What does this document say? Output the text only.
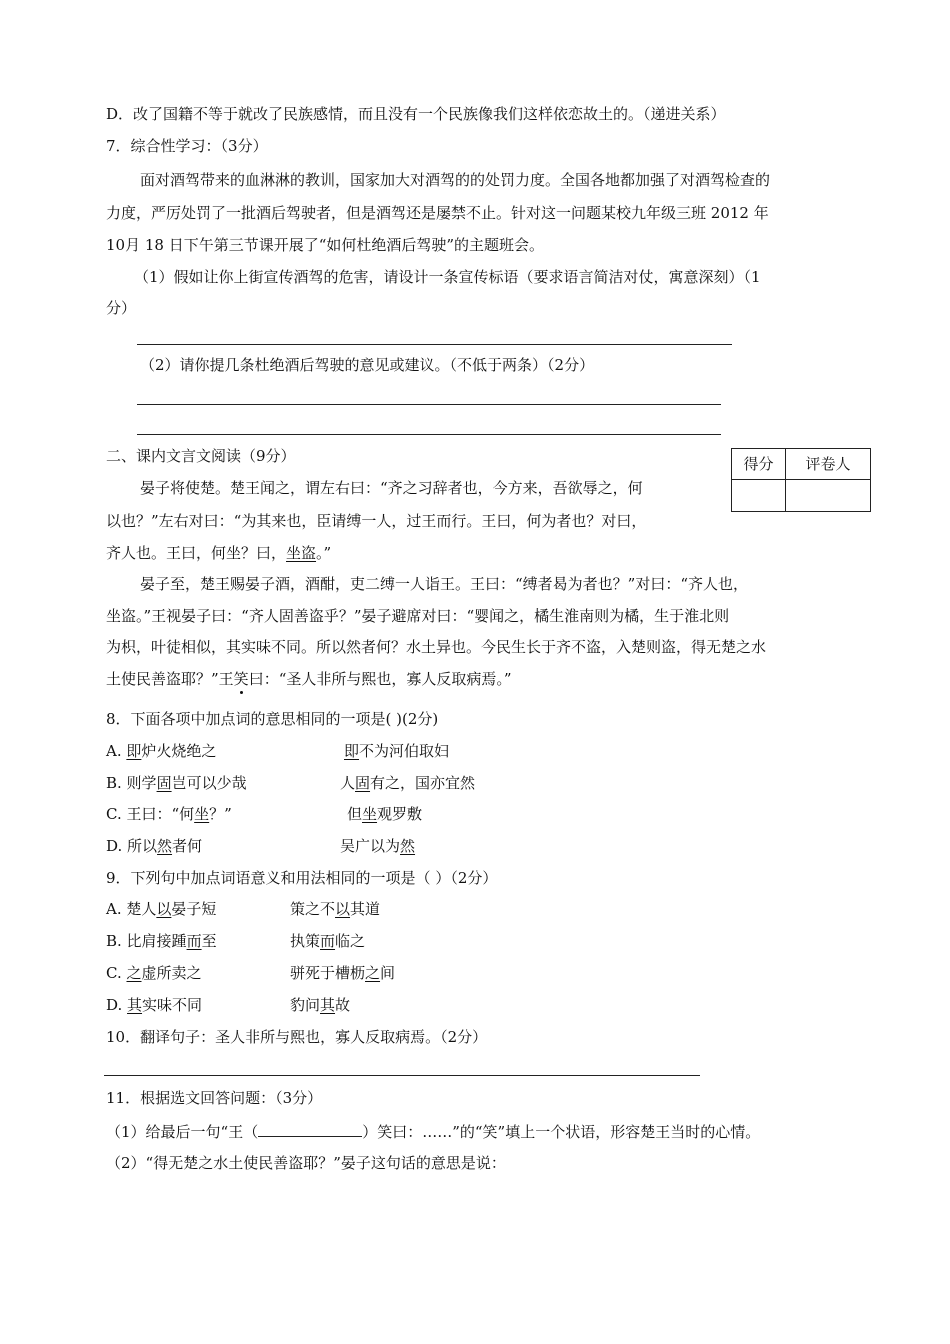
D．改了国籍不等于就改了民族感情，而且没有一个民族像我们这样依恋故土的。（递进关系）
7．综合性学习：（3分）
面对酒驾带来的血淋淋的教训，国家加大对酒驾的的处罚力度。全国各地都加强了对酒驾检查的
力度，严厉处罚了一批酒后驾驶者，但是酒驾还是屡禁不止。针对这一问题某校九年级三班 2012 年
10月 18 日下午第三节课开展了“如何杜绝酒后驾驶”的主题班会。
（1）假如让你上街宣传酒驾的危害，请设计一条宣传标语（要求语言简洁对仗，寓意深刻）（1
分）
（2）请你提几条杜绝酒后驾驶的意见或建议。（不低于两条）（2分）
二、课内文言文阅读（9分）	得分	评卷人
晏子将使楚。楚王闻之，谓左右曰：“齐之习辞者也，今方来，吾欲辱之，何
以也？”左右对曰：“为其来也，臣请缚一人，过王而行。王曰，何为者也？对曰，
齐人也。王曰，何坐？曰，坐盗。”
晏子至，楚王赐晏子酒，酒酣，吏二缚一人诣王。王曰：“缚者曷为者也？”对曰：“齐人也，
坐盗。”王视晏子曰：“齐人固善盗乎？”晏子避席对曰：“婴闻之，橘生淮南则为橘，生于淮北则
为枳，叶徒相似，其实味不同。所以然者何？水土异也。今民生长于齐不盗，入楚则盗，得无楚之水
土使民善盗耶？”王笑曰：“圣人非所与熙也，寡人反取病焉。”
8．下面各项中加点词的意思相同的一项是( )(2分)
A. 即炉火烧绝之	即不为河伯取妇
B. 则学固岂可以少哉	人固有之，国亦宜然
C. 王曰：“何坐？”	但坐观罗敷
D. 所以然者何	吴广以为然
9．下列句中加点词语意义和用法相同的一项是（ ）（2分）
A. 楚人以晏子短	策之不以其道
B. 比肩接踵而至	执策而临之
C. 之虚所卖之	骈死于槽枥之间
D. 其实味不同	豹问其故
10．翻译句子：圣人非所与熙也，寡人反取病焉。（2分）
11．根据选文回答问题：（3分）
（1）给最后一句“王（	）笑曰：……”的“笑”填上一个状语，形容楚王当时的心情。
（2）“得无楚之水土使民善盗耶？”晏子这句话的意思是说：
